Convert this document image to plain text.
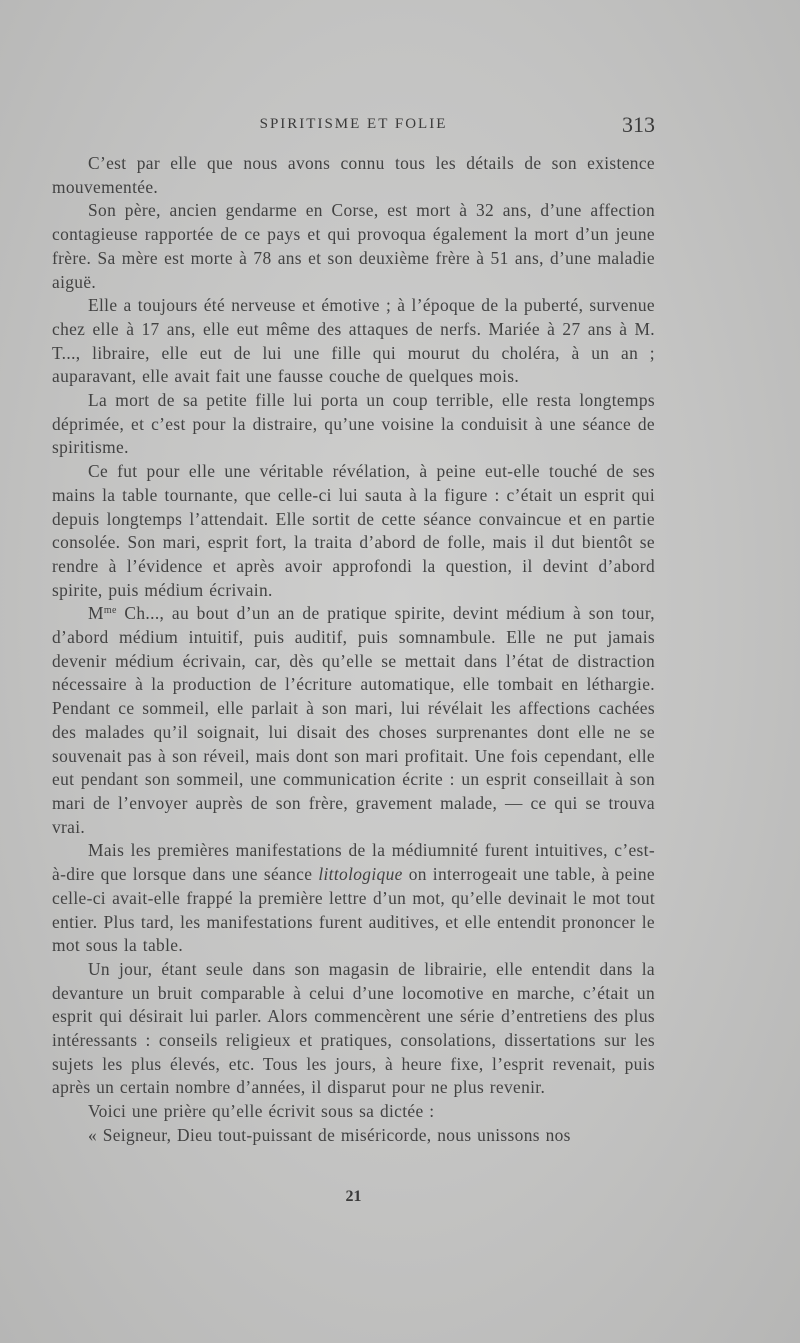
SPIRITISME ET FOLIE	313

C’est par elle que nous avons connu tous les détails de son existence mouvementée.

Son père, ancien gendarme en Corse, est mort à 32 ans, d’une affection contagieuse rapportée de ce pays et qui provoqua également la mort d’un jeune frère. Sa mère est morte à 78 ans et son deuxième frère à 51 ans, d’une maladie aiguë.

Elle a toujours été nerveuse et émotive ; à l’époque de la puberté, survenue chez elle à 17 ans, elle eut même des attaques de nerfs. Mariée à 27 ans à M. T..., libraire, elle eut de lui une fille qui mourut du choléra, à un an ; auparavant, elle avait fait une fausse couche de quelques mois.

La mort de sa petite fille lui porta un coup terrible, elle resta longtemps déprimée, et c’est pour la distraire, qu’une voisine la conduisit à une séance de spiritisme.

Ce fut pour elle une véritable révélation, à peine eut-elle touché de ses mains la table tournante, que celle-ci lui sauta à la figure : c’était un esprit qui depuis longtemps l’attendait. Elle sortit de cette séance convaincue et en partie consolée. Son mari, esprit fort, la traita d’abord de folle, mais il dut bientôt se rendre à l’évidence et après avoir approfondi la question, il devint d’abord spirite, puis médium écrivain.

$M^{me}$ Ch..., au bout d’un an de pratique spirite, devint médium à son tour, d’abord médium intuitif, puis auditif, puis somnambule. Elle ne put jamais devenir médium écrivain, car, dès qu’elle se mettait dans l’état de distraction nécessaire à la production de l’écriture automatique, elle tombait en léthargie. Pendant ce sommeil, elle parlait à son mari, lui révélait les affections cachées des malades qu’il soignait, lui disait des choses surprenantes dont elle ne se souvenait pas à son réveil, mais dont son mari profitait. Une fois cependant, elle eut pendant son sommeil, une communication écrite : un esprit conseillait à son mari de l’envoyer auprès de son frère, gravement malade, — ce qui se trouva vrai.

Mais les premières manifestations de la médiumnité furent intuitives, c’est-à-dire que lorsque dans une séance littologique on interrogeait une table, à peine celle-ci avait-elle frappé la première lettre d’un mot, qu’elle devinait le mot tout entier. Plus tard, les manifestations furent auditives, et elle entendit prononcer le mot sous la table.

Un jour, étant seule dans son magasin de librairie, elle entendit dans la devanture un bruit comparable à celui d’une locomotive en marche, c’était un esprit qui désirait lui parler. Alors commencèrent une série d’entretiens des plus intéressants : conseils religieux et pratiques, consolations, dissertations sur les sujets les plus élevés, etc. Tous les jours, à heure fixe, l’esprit revenait, puis après un certain nombre d’années, il disparut pour ne plus revenir.

Voici une prière qu’elle écrivit sous sa dictée :

« Seigneur, Dieu tout-puissant de miséricorde, nous unissons nos

21
